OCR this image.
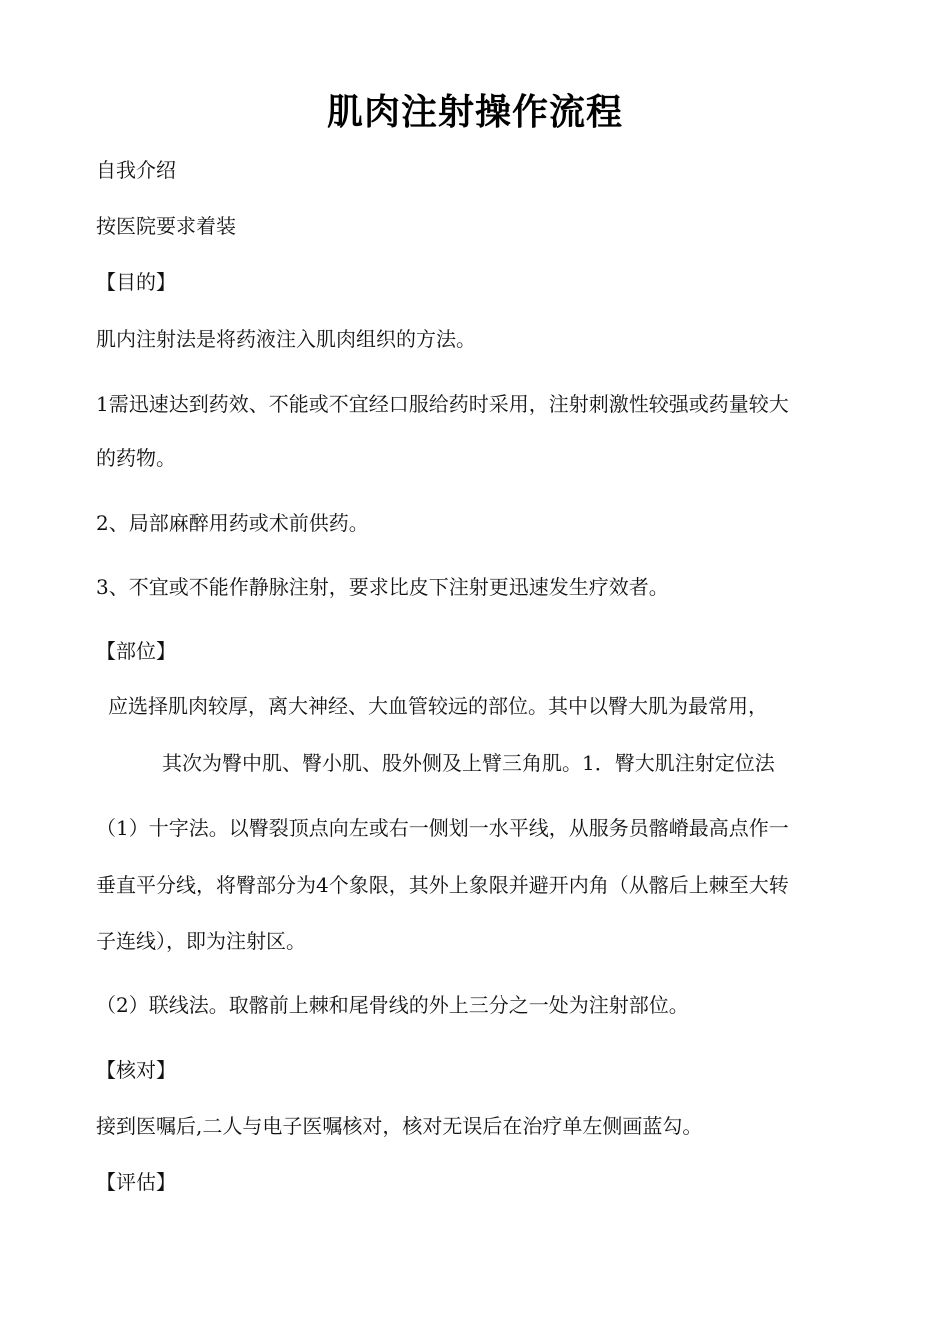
肌肉注射操作流程
自我介绍
按医院要求着装
【目的】
肌内注射法是将药液注入肌肉组织的方法。
1需迅速达到药效、不能或不宜经口服给药时采用，注射刺激性较强或药量较大
的药物。
2、局部麻醉用药或术前供药。
3、不宜或不能作静脉注射，要求比皮下注射更迅速发生疗效者。
【部位】
应选择肌肉较厚，离大神经、大血管较远的部位。其中以臀大肌为最常用，
其次为臀中肌、臀小肌、股外侧及上臂三角肌。1．臀大肌注射定位法
（1）十字法。以臀裂顶点向左或右一侧划一水平线，从服务员髂嵴最高点作一
垂直平分线，将臀部分为4个象限，其外上象限并避开内角（从髂后上棘至大转
子连线），即为注射区。
（2）联线法。取髂前上棘和尾骨线的外上三分之一处为注射部位。
【核对】
接到医嘱后,二人与电子医嘱核对，核对无误后在治疗单左侧画蓝勾。
【评估】
